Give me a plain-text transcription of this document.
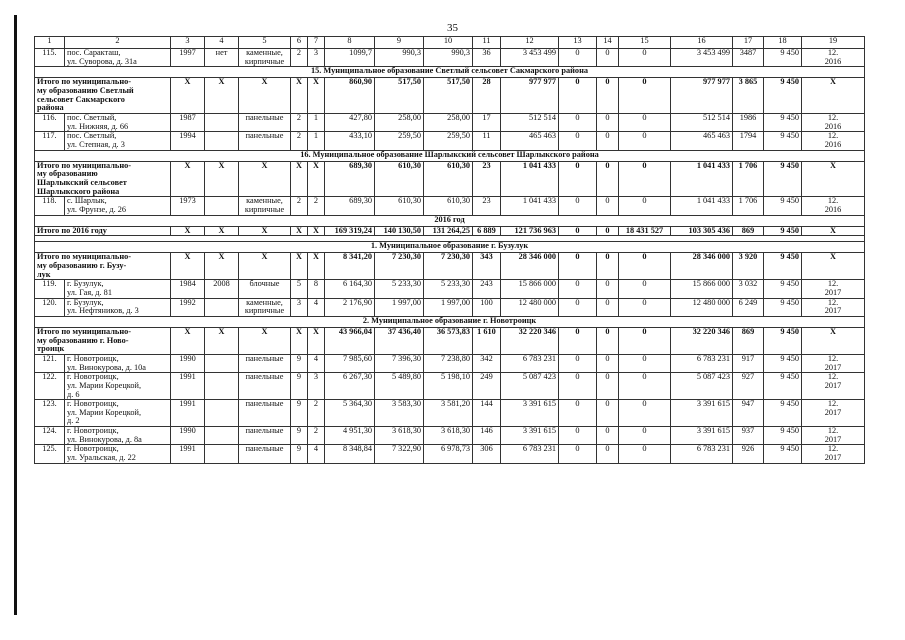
35
1	2	3	4	5	6	7	8	9	10	11	12	13	14	15	16	17	18	19
115.	пос. Саракташ,
ул. Суворова, д. 31а	1997	нет	каменные,
кирпичные	2	3	1099,7	990,3	990,3	36	3 453 499	0	0	0	3 453 499	3487	9 450	12.
2016
15. Муниципальное образование Светлый сельсовет Сакмарского района																		
Итого по муниципально-
му образованию Светлый
сельсовет Сакмарского
района		X	X	X	X	X	860,90	517,50	517,50	28	977 977	0	0	0	977 977	3 865	9 450	X
116.	пос. Светлый,
ул. Нижняя, д. 66	1987		панельные	2	1	427,80	258,00	258,00	17	512 514	0	0	0	512 514	1986	9 450	12.
2016
117.	пос. Светлый,
ул. Степная, д. 3	1994		панельные	2	1	433,10	259,50	259,50	11	465 463	0	0	0	465 463	1794	9 450	12.
2016
16. Муниципальное образование Шарлыкский сельсовет Шарлыкского района																		
Итого по муниципально-
му образованию
Шарлыкский сельсовет
Шарлыкского района		X	X	X	X	X	689,30	610,30	610,30	23	1 041 433	0	0	0	1 041 433	1 706	9 450	X
118.	с. Шарлык,
ул. Фрунзе, д. 26	1973		каменные,
кирпичные	2	2	689,30	610,30	610,30	23	1 041 433	0	0	0	1 041 433	1 706	9 450	12.
2016
2016 год																		
Итого по 2016 году		X	X	X	X	X	169 319,24	140 130,50	131 264,25	6 889	121 736 963	0	0	18 431 527	103 305 436	869	9 450	X

1. Муниципальное образование г. Бузулук																		
Итого по муниципально-
му образованию г. Бузу-
лук		X	X	X	X	X	8 341,20	7 230,30	7 230,30	343	28 346 000	0	0	0	28 346 000	3 920	9 450	X
119.	г. Бузулук,
ул. Гая, д. 81	1984	2008	блочные	5	8	6 164,30	5 233,30	5 233,30	243	15 866 000	0	0	0	15 866 000	3 032	9 450	12.
2017
120.	г. Бузулук,
ул. Нефтяников, д. 3	1992		каменные,
кирпичные	3	4	2 176,90	1 997,00	1 997,00	100	12 480 000	0	0	0	12 480 000	6 249	9 450	12.
2017
2. Муниципальное образование г. Новотроицк																		
Итого по муниципально-
му образованию г. Ново-
троицк		X	X	X	X	X	43 966,04	37 436,40	36 573,83	1 610	32 220 346	0	0	0	32 220 346	869	9 450	X
121.	г. Новотроицк,
ул. Винокурова, д. 10а	1990		панельные	9	4	7 985,60	7 396,30	7 238,80	342	6 783 231	0	0	0	6 783 231	917	9 450	12.
2017
122.	г. Новотроицк,
ул. Марии Корецкой,
д. 6	1991		панельные	9	3	6 267,30	5 489,80	5 198,10	249	5 087 423	0	0	0	5 087 423	927	9 450	12.
2017
123.	г. Новотроицк,
ул. Марии Корецкой,
д. 2	1991		панельные	9	2	5 364,30	3 583,30	3 581,20	144	3 391 615	0	0	0	3 391 615	947	9 450	12.
2017
124.	г. Новотроицк,
ул. Винокурова, д. 8а	1990		панельные	9	2	4 951,30	3 618,30	3 618,30	146	3 391 615	0	0	0	3 391 615	937	9 450	12.
2017
125.	г. Новотроицк,
ул. Уральская, д. 22	1991		панельные	9	4	8 348,84	7 322,90	6 978,73	306	6 783 231	0	0	0	6 783 231	926	9 450	12.
2017
